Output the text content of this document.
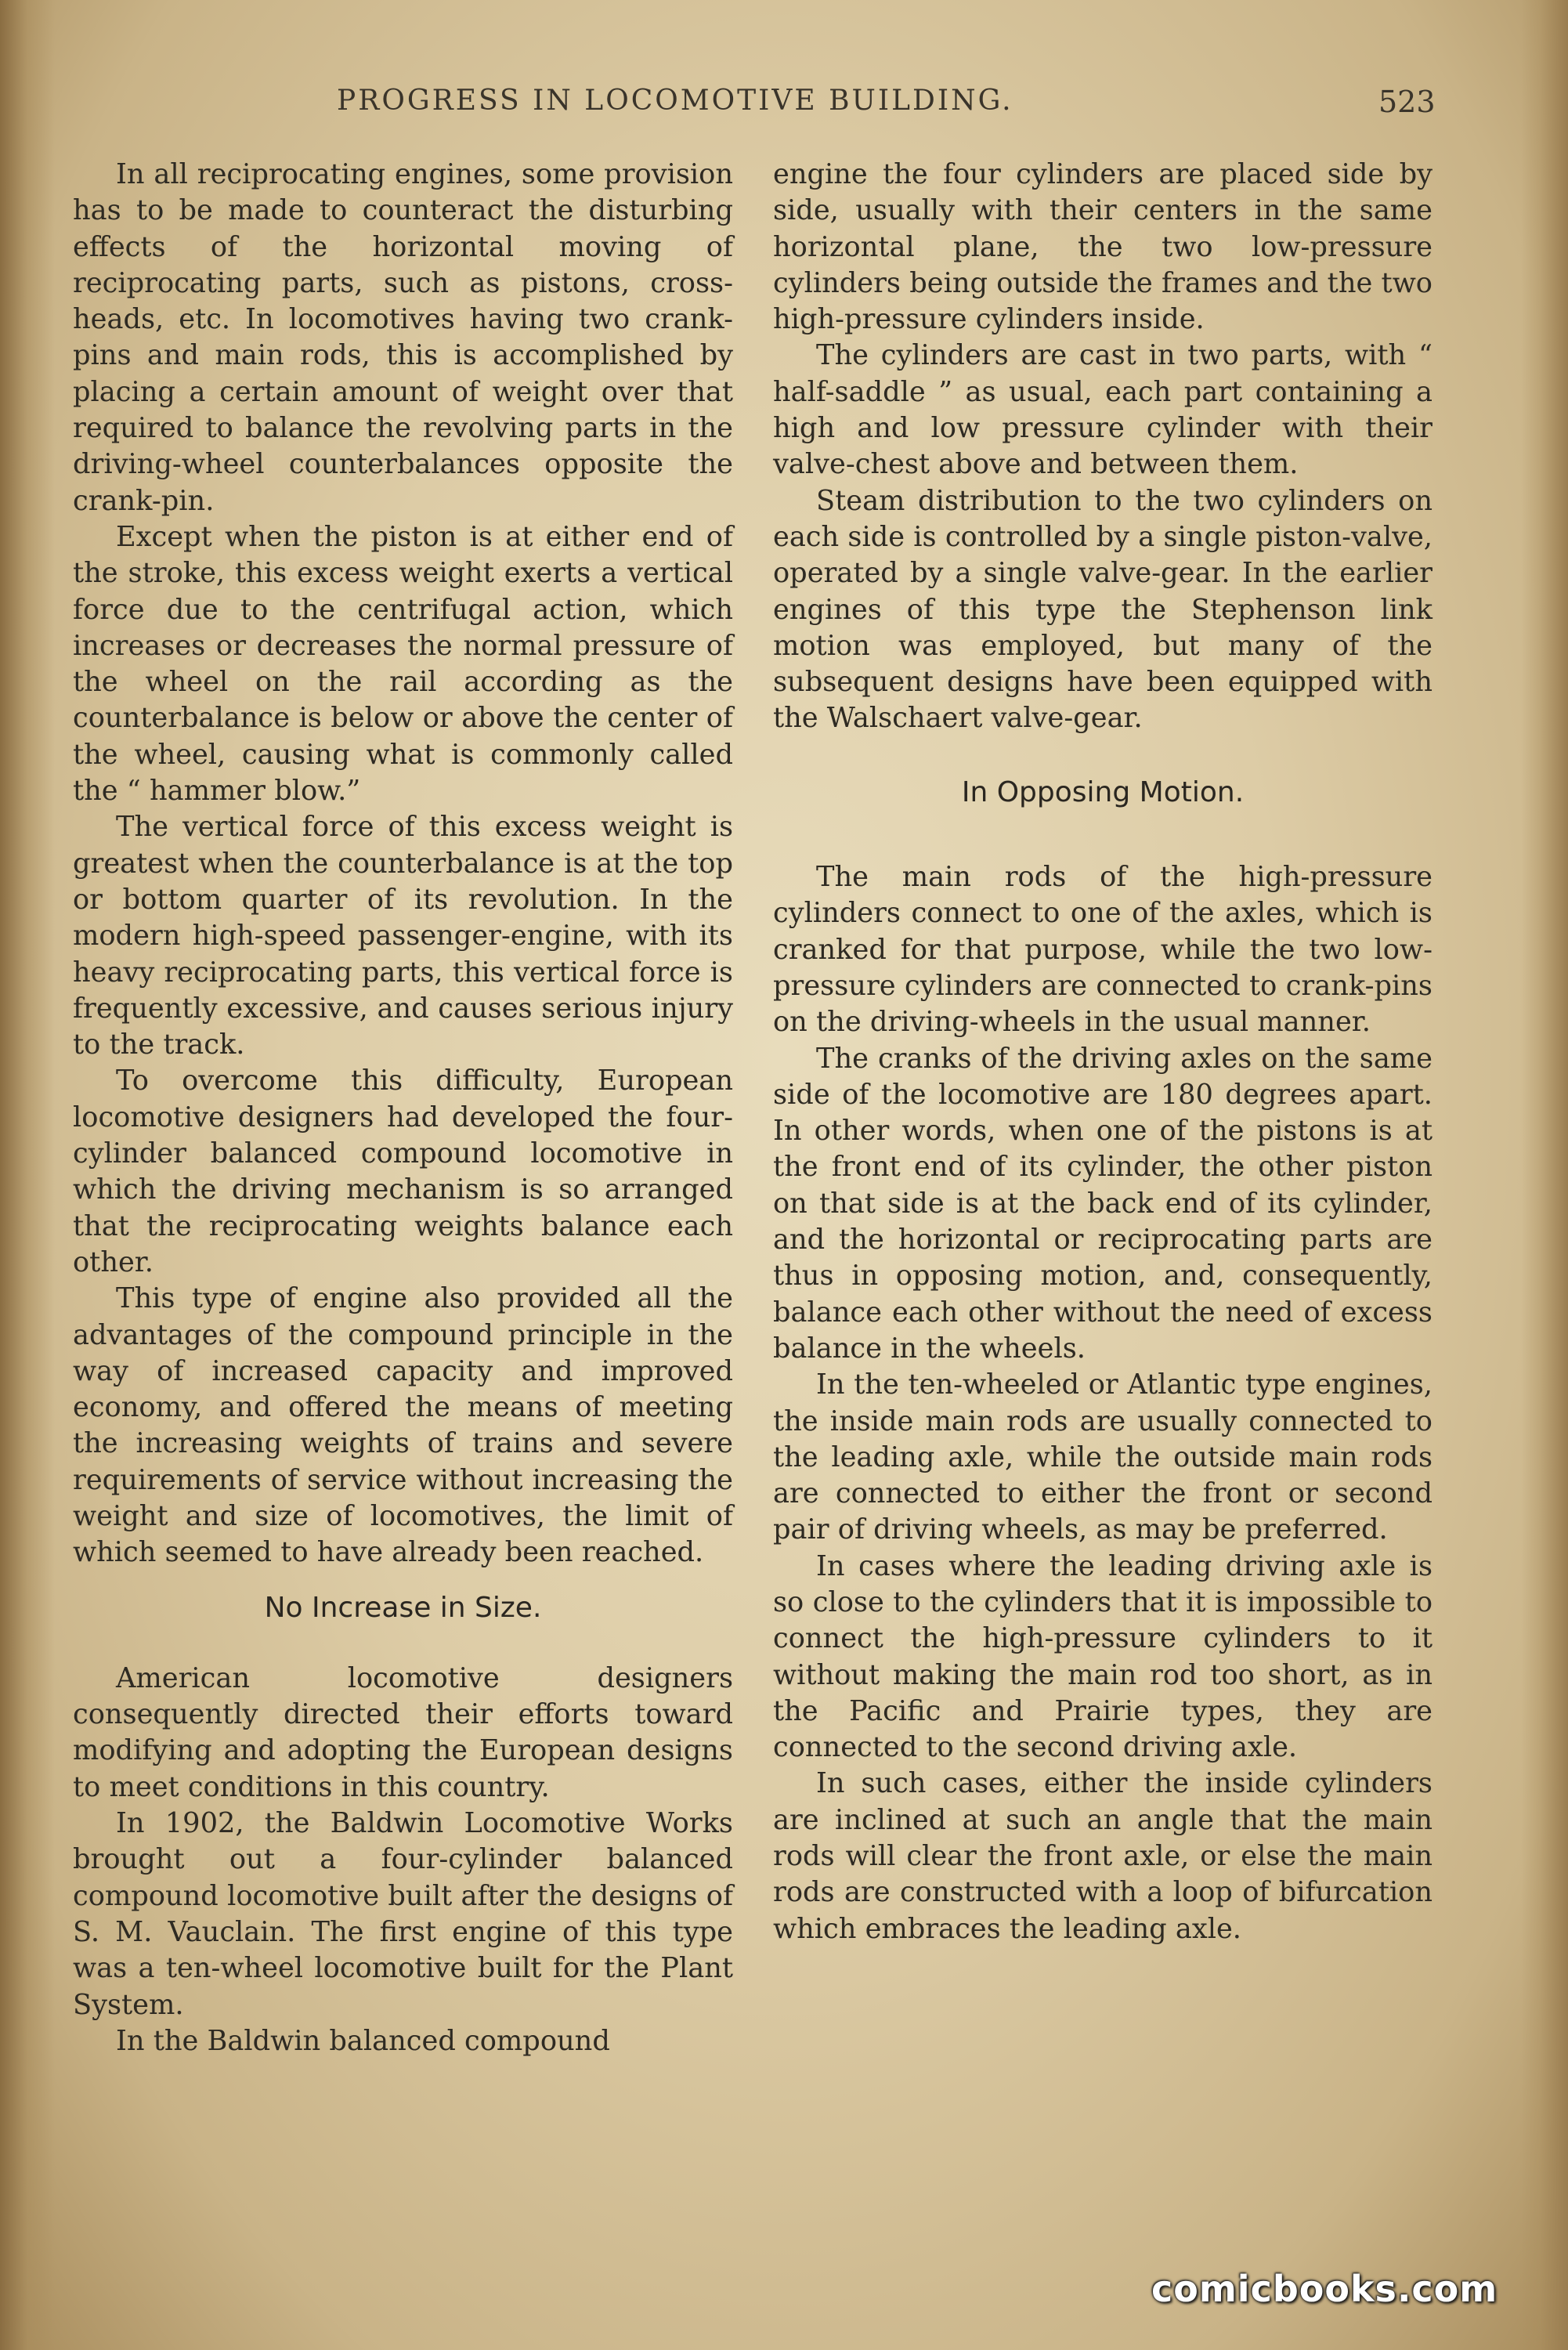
PROGRESS IN LOCOMOTIVE BUILDING.	523

In all reciprocating engines, some provision has to be made to counteract the disturbing effects of the horizontal moving of reciprocating parts, such as pistons, cross-heads, etc. In locomotives having two crank-pins and main rods, this is accomplished by placing a certain amount of weight over that required to balance the revolving parts in the driving-wheel counterbalances opposite the crank-pin.

Except when the piston is at either end of the stroke, this excess weight exerts a vertical force due to the centrifugal action, which increases or decreases the normal pressure of the wheel on the rail according as the counterbalance is below or above the center of the wheel, causing what is commonly called the “ hammer blow.”

The vertical force of this excess weight is greatest when the counterbalance is at the top or bottom quarter of its revolution. In the modern high-speed passenger-engine, with its heavy reciprocating parts, this vertical force is frequently excessive, and causes serious injury to the track.

To overcome this difficulty, European locomotive designers had developed the four-cylinder balanced compound locomotive in which the driving mechanism is so arranged that the reciprocating weights balance each other.

This type of engine also provided all the advantages of the compound principle in the way of increased capacity and improved economy, and offered the means of meeting the increasing weights of trains and severe requirements of service without increasing the weight and size of locomotives, the limit of which seemed to have already been reached.

No Increase in Size.

American locomotive designers consequently directed their efforts toward modifying and adopting the European designs to meet conditions in this country.

In 1902, the Baldwin Locomotive Works brought out a four-cylinder balanced compound locomotive built after the designs of S. M. Vauclain. The first engine of this type was a ten-wheel locomotive built for the Plant System.

In the Baldwin balanced compound

engine the four cylinders are placed side by side, usually with their centers in the same horizontal plane, the two low-pressure cylinders being outside the frames and the two high-pressure cylinders inside.

The cylinders are cast in two parts, with “ half-saddle ” as usual, each part containing a high and low pressure cylinder with their valve-chest above and between them.

Steam distribution to the two cylinders on each side is controlled by a single piston-valve, operated by a single valve-gear. In the earlier engines of this type the Stephenson link motion was employed, but many of the subsequent designs have been equipped with the Walschaert valve-gear.

In Opposing Motion.

The main rods of the high-pressure cylinders connect to one of the axles, which is cranked for that purpose, while the two low-pressure cylinders are connected to crank-pins on the driving-wheels in the usual manner.

The cranks of the driving axles on the same side of the locomotive are 180 degrees apart. In other words, when one of the pistons is at the front end of its cylinder, the other piston on that side is at the back end of its cylinder, and the horizontal or reciprocating parts are thus in opposing motion, and, consequently, balance each other without the need of excess balance in the wheels.

In the ten-wheeled or Atlantic type engines, the inside main rods are usually connected to the leading axle, while the outside main rods are connected to either the front or second pair of driving wheels, as may be preferred.

In cases where the leading driving axle is so close to the cylinders that it is impossible to connect the high-pressure cylinders to it without making the main rod too short, as in the Pacific and Prairie types, they are connected to the second driving axle.

In such cases, either the inside cylinders are inclined at such an angle that the main rods will clear the front axle, or else the main rods are constructed with a loop of bifurcation which embraces the leading axle.

comicbooks.com
